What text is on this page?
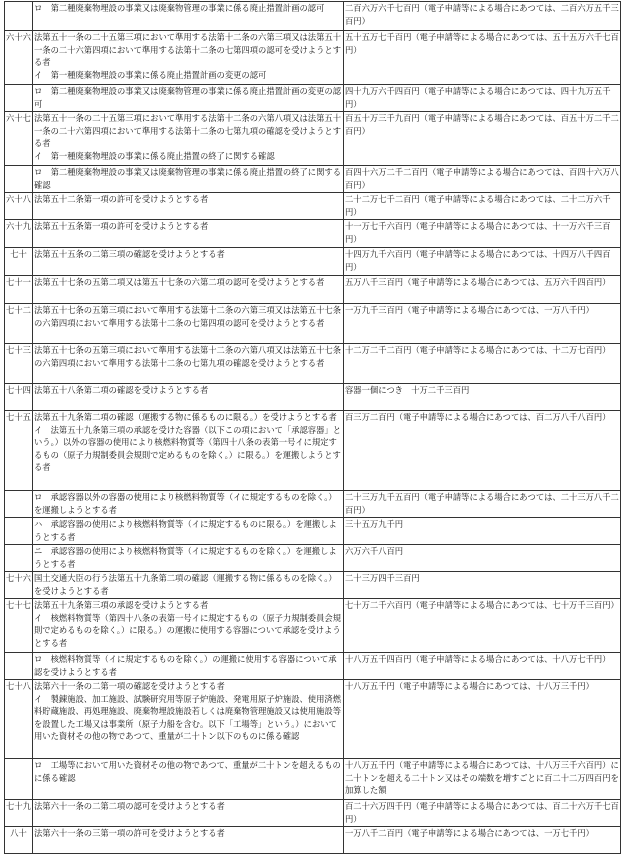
	ロ　第二種廃棄物埋設の事業又は廃棄物管理の事業に係る廃止措置計画の認可	二百六万六千七百円（電子申請等による場合にあつては、二百六万五千三百円）
六十六	法第五十一条の二十五第三項において準用する法第十二条の六第三項又は法第五十一条の二十六第四項において準用する法第十二条の七第四項の認可を受けようとする者
イ　第一種廃棄物埋設の事業に係る廃止措置計画の変更の認可	五十五万七千百円（電子申請等による場合にあつては、五十五万六千七百円）

	ロ　第二種廃棄物埋設の事業又は廃棄物管理の事業に係る廃止措置計画の変更の認可	四十九万六千四百円（電子申請等による場合にあつては、四十九万五千円）
六十七	法第五十一条の二十五第三項において準用する法第十二条の六第八項又は法第五十一条の二十六第四項において準用する法第十二条の七第九項の確認を受けようとする者
イ　第一種廃棄物埋設の事業に係る廃止措置の終了に関する確認	百五十万三千九百円（電子申請等による場合にあつては、百五十万二千二百円）

	ロ　第二種廃棄物埋設の事業又は廃棄物管理の事業に係る廃止措置の終了に関する確認	百四十六万二千二百円（電子申請等による場合にあつては、百四十六万八百円）
六十八	法第五十二条第一項の許可を受けようとする者	二十二万七千二百円（電子申請等による場合にあつては、二十二万六千円）
六十九	法第五十五条第一項の許可を受けようとする者	十一万七千六百円（電子申請等による場合にあつては、十一万六千三百円）
七十	法第五十五条の二第三項の確認を受けようとする者	十四万九千六百円（電子申請等による場合にあつては、十四万八千四百円）
七十一	法第五十七条の五第二項又は第五十七条の六第二項の認可を受けようとする者	五万八千三百円（電子申請等による場合にあつては、五万六千四百円）
七十二	法第五十七条の五第三項において準用する法第十二条の六第三項又は法第五十七条の六第四項において準用する法第十二条の七第四項の認可を受けようとする者	一万九千三百円（電子申請等による場合にあつては、一万八千円）
七十三	法第五十七条の五第三項において準用する法第十二条の六第八項又は法第五十七条の六第四項において準用する法第十二条の七第九項の確認を受けようとする者	十二万二千二百円（電子申請等による場合にあつては、十二万七百円）
七十四	法第五十八条第二項の確認を受けようとする者	容器一個につき　十万二千三百円
七十五	法第五十九条第二項の確認（運搬する物に係るものに限る。）を受けようとする者
イ　法第五十九条第三項の承認を受けた容器（以下この項において「承認容器」という。）以外の容器の使用により核燃料物質等（第四十八条の表第一号イに規定するもの（原子力規制委員会規則で定めるものを除く。）に限る。）を運搬しようとする者	百三万二百円（電子申請等による場合にあつては、百二万八千八百円）

	ロ　承認容器以外の容器の使用により核燃料物質等（イに規定するものを除く。）を運搬しようとする者	二十三万九千五百円（電子申請等による場合にあつては、二十三万八千二百円）

	ハ　承認容器の使用により核燃料物質等（イに規定するものに限る。）を運搬しようとする者	三十五万九千円

	ニ　承認容器の使用により核燃料物質等（イに規定するものを除く。）を運搬しようとする者	六万六千八百円
七十六	国土交通大臣の行う法第五十九条第二項の確認（運搬する物に係るものを除く。）を受けようとする者	二十三万四千三百円
七十七	法第五十九条第三項の承認を受けようとする者
イ　核燃料物質等（第四十八条の表第一号イに規定するもの（原子力規制委員会規則で定めるものを除く。）に限る。）の運搬に使用する容器について承認を受けようとする者	七十万二千六百円（電子申請等による場合にあつては、七十万千三百円）

	ロ　核燃料物質等（イに規定するものを除く。）の運搬に使用する容器について承認を受けようとする者	十八万五千四百円（電子申請等による場合にあつては、十八万七千円）
七十八	法第六十一条の二第一項の確認を受けようとする者
イ　製錬施設、加工施設、試験研究用等原子炉施設、発電用原子炉施設、使用済燃料貯蔵施設、再処理施設、廃棄物埋設施設若しくは廃棄物管理施設又は使用施設等を設置した工場又は事業所（原子力船を含む。以下「工場等」という。）において用いた資材その他の物であつて、重量が二十トン以下のものに係る確認	十八万五千円（電子申請等による場合にあつては、十八万三千円）

	ロ　工場等において用いた資材その他の物であつて、重量が二十トンを超えるものに係る確認	十八万五千円（電子申請等による場合にあつては、十八万三千六百円）に二十トンを超える二十トン又はその端数を増すごとに百二十二万四百円を加算した額
七十九	法第六十一条の二第二項の認可を受けようとする者	百二十六万四千円（電子申請等による場合にあつては、百二十六万千七百円）
八十	法第六十一条の三第一項の許可を受けようとする者	一万八千二百円（電子申請等による場合にあつては、一万七千円）
